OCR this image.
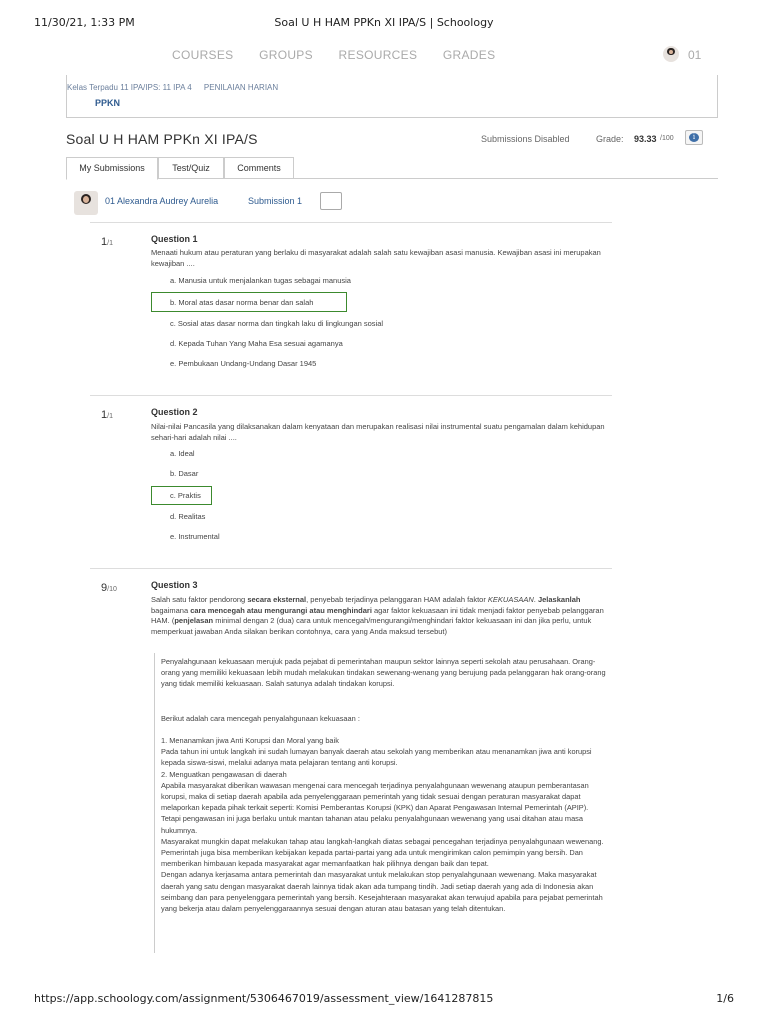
11/30/21, 1:33 PM	Soal U H HAM PPKn XI IPA/S | Schoology
COURSES GROUPS RESOURCES GRADES	01
Kelas Terpadu 11 IPA/IPS: 11 IPA 4 PENILAIAN HARIAN
PPKN
Soal U H HAM PPKn XI IPA/S	Submissions Disabled	Grade: 93.33 /100	i
My Submissions	Test/Quiz	Comments
01 Alexandra Audrey Aurelia	Submission 1
1/1	Question 1
Menaati hukum atau peraturan yang berlaku di masyarakat adalah salah satu kewajiban asasi manusia. Kewajiban asasi ini merupakan kewajiban ....
a. Manusia untuk menjalankan tugas sebagai manusia
b. Moral atas dasar norma benar dan salah
c. Sosial atas dasar norma dan tingkah laku di lingkungan sosial
d. Kepada Tuhan Yang Maha Esa sesuai agamanya
e. Pembukaan Undang-Undang Dasar 1945
1/1	Question 2
Nilai-nilai Pancasila yang dilaksanakan dalam kenyataan dan merupakan realisasi nilai instrumental suatu pengamalan dalam kehidupan sehari-hari adalah nilai ....
a. Ideal
b. Dasar
c. Praktis
d. Realitas
e. Instrumental
9/10	Question 3
Salah satu faktor pendorong secara eksternal, penyebab terjadinya pelanggaran HAM adalah faktor KEKUASAAN. Jelaskanlah bagaimana cara mencegah atau mengurangi atau menghindari agar faktor kekuasaan ini tidak menjadi faktor penyebab pelanggaran HAM. (penjelasan minimal dengan 2 (dua) cara untuk mencegah/mengurangi/menghindari faktor kekuasaan ini dan jika perlu, untuk memperkuat jawaban Anda silakan berikan contohnya, cara yang Anda maksud tersebut)

Penyalahgunaan kekuasaan merujuk pada pejabat di pemerintahan maupun sektor lainnya seperti sekolah atau perusahaan. Orang-orang yang memiliki kekuasaan lebih mudah melakukan tindakan sewenang-wenang yang berujung pada pelanggaran hak orang-orang yang tidak memiliki kekuasaan. Salah satunya adalah tindakan korupsi.

Berikut adalah cara mencegah penyalahgunaan kekuasaan :

1. Menanamkan jiwa Anti Korupsi dan Moral yang baik
Pada tahun ini untuk langkah ini sudah lumayan banyak daerah atau sekolah yang memberikan atau menanamkan jiwa anti korupsi kepada siswa-siswi, melalui adanya mata pelajaran tentang anti korupsi.
2. Menguatkan pengawasan di daerah
Apabila masyarakat diberikan wawasan mengenai cara mencegah terjadinya penyalahgunaan wewenang ataupun pemberantasan korupsi, maka di setiap daerah apabila ada penyelenggaraan pemerintah yang tidak sesuai dengan peraturan masyarakat dapat melaporkan kepada pihak terkait seperti: Komisi Pemberantas Korupsi (KPK) dan Aparat Pengawasan Internal Pemerintah (APIP).
Tetapi pengawasan ini juga berlaku untuk mantan tahanan atau pelaku penyalahgunaan wewenang yang usai ditahan atau masa hukumnya.
Masyarakat mungkin dapat melakukan tahap atau langkah-langkah diatas sebagai pencegahan terjadinya penyalahgunaan wewenang. Pemerintah juga bisa memberikan kebijakan kepada partai-partai yang ada untuk mengirimkan calon pemimpin yang bersih. Dan memberikan himbauan kepada masyarakat agar memanfaatkan hak pilihnya dengan baik dan tepat.
Dengan adanya kerjasama antara pemerintah dan masyarakat untuk melakukan stop penyalahgunaan wewenang. Maka masyarakat daerah yang satu dengan masyarakat daerah lainnya tidak akan ada tumpang tindih. Jadi setiap daerah yang ada di Indonesia akan seimbang dan para penyelenggara pemerintah yang bersih. Kesejahteraan masyarakat akan terwujud apabila para pejabat pemerintah yang bekerja atau dalam penyelenggaraannya sesuai dengan aturan atau batasan yang telah ditentukan.

https://app.schoology.com/assignment/5306467019/assessment_view/1641287815	1/6
